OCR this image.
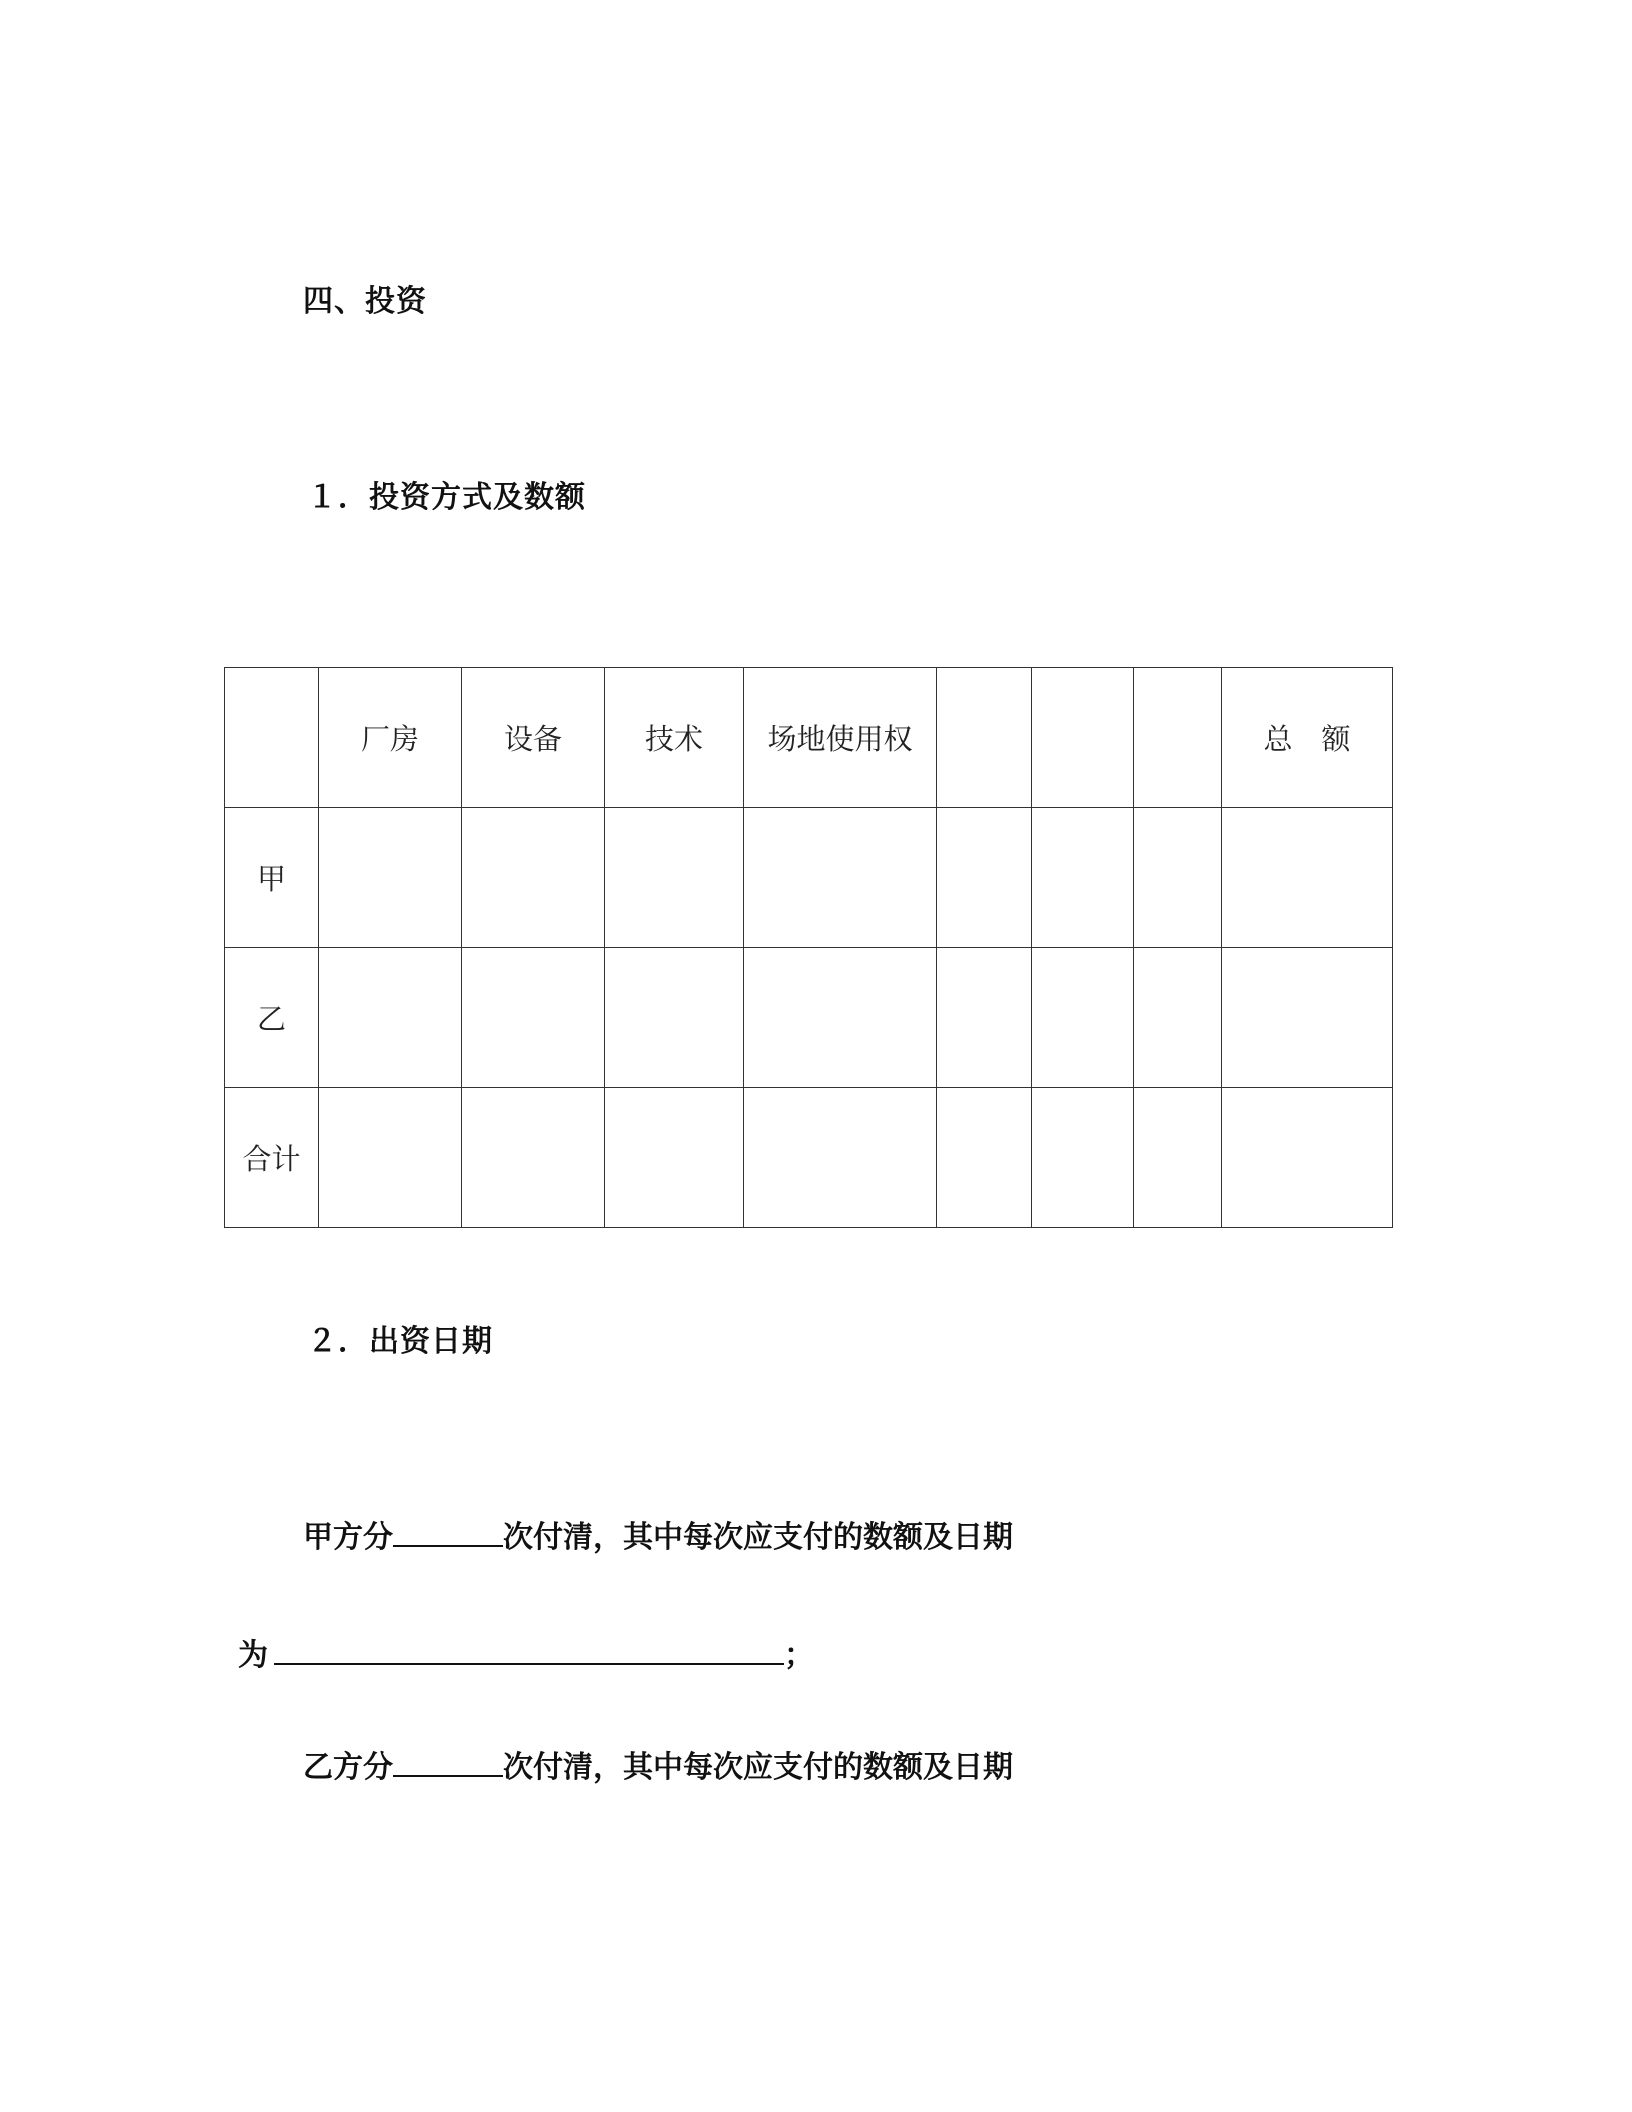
四、投资
１．投资方式及数额
	厂房	设备	技术	场地使用权				总　额
甲								
乙								
合计								
２．出资日期
甲方分	次付清，其中每次应支付的数额及日期
为	；
乙方分	次付清，其中每次应支付的数额及日期
